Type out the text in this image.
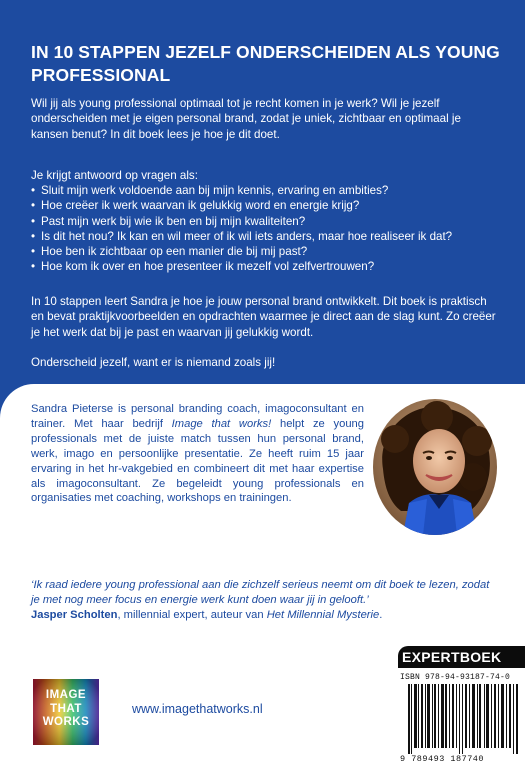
IN 10 STAPPEN JEZELF ONDERSCHEIDEN ALS YOUNG PROFESSIONAL
Wil jij als young professional optimaal tot je recht komen in je werk? Wil je jezelf onderscheiden met je eigen personal brand, zodat je uniek, zichtbaar en optimaal je kansen benut? In dit boek lees je hoe je dit doet.
Je krijgt antwoord op vragen als:
• Sluit mijn werk voldoende aan bij mijn kennis, ervaring en ambities?
• Hoe creëer ik werk waarvan ik gelukkig word en energie krijg?
• Past mijn werk bij wie ik ben en bij mijn kwaliteiten?
• Is dit het nou? Ik kan en wil meer of ik wil iets anders, maar hoe realiseer ik dat?
• Hoe ben ik zichtbaar op een manier die bij mij past?
• Hoe kom ik over en hoe presenteer ik mezelf vol zelfvertrouwen?
In 10 stappen leert Sandra je hoe je jouw personal brand ontwikkelt. Dit boek is praktisch en bevat praktijkvoorbeelden en opdrachten waarmee je direct aan de slag kunt. Zo creëer je het werk dat bij je past en waarvan jij gelukkig wordt.
Onderscheid jezelf, want er is niemand zoals jij!
Sandra Pieterse is personal branding coach, imagoconsultant en trainer. Met haar bedrijf Image that works! helpt ze young professionals met de juiste match tussen hun personal brand, werk, imago en persoonlijke presentatie. Ze heeft ruim 15 jaar ervaring in het hr-vakgebied en combineert dit met haar expertise als imagoconsultant. Ze begeleidt young professionals en organisaties met coaching, workshops en trainingen.
‘Ik raad iedere young professional aan die zichzelf serieus neemt om dit boek te lezen, zodat je met nog meer focus en energie werk kunt doen waar jij in gelooft.’
Jasper Scholten, millennial expert, auteur van Het Millennial Mysterie.
IMAGE
THAT
WORKS
www.imagethatworks.nl
EXPERTBOEK
ISBN 978-94-93187-74-0
9 789493 187740
